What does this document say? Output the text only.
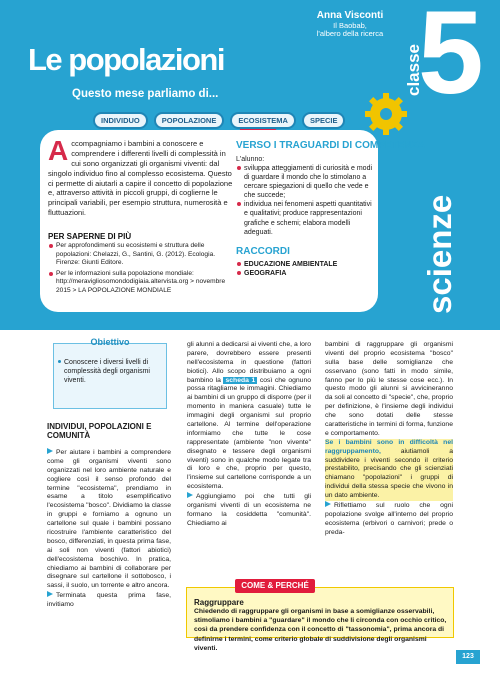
Anna Visconti
Il Baobab,
l'albero della ricerca
Le popolazioni
Questo mese parliamo di... 5
classe
scienze
INDIVIDUO	POPOLAZIONE	ECOSISTEMA	SPECIE
Accompagniamo i bambini a conoscere e comprendere i differenti livelli di complessità in cui sono organizzati gli organismi viventi: dal singolo individuo fino al complesso ecosistema. Questo ci permette di aiutarli a capire il concetto di popolazione e, attraverso attività in piccoli gruppi, di coglierne le principali variabili, per esempio struttura, numerosità e fluttuazioni.
PER SAPERNE DI PIÙ
Per approfondimenti su ecosistemi e struttura delle popolazioni: Chelazzi, G., Santini, G. (2012). Ecologia. Firenze: Giunti Editore.
Per le informazioni sulla popolazione mondiale: http://meravigliosomondodigiaia.altervista.org > novembre 2015 > LA POPOLAZIONE MONDIALE
VERSO I TRAGUARDI DI COMPETENZA
L'alunno:
sviluppa atteggiamenti di curiosità e modi di guardare il mondo che lo stimolano a cercare spiegazioni di quello che vede e che succede;
individua nei fenomeni aspetti quantitativi e qualitativi; produce rappresentazioni grafiche e schemi; elabora modelli adeguati.
RACCORDI
EDUCAZIONE AMBIENTALE
GEOGRAFIA
Obiettivo
Conoscere i diversi livelli di complessità degli organismi viventi.
INDIVIDUI, POPOLAZIONI E COMUNITÀ

Per aiutare i bambini a comprendere come gli organismi viventi sono organizzati nel loro ambiente naturale e cogliere così il senso profondo del termine "ecosistema", prendiamo in esame a titolo esemplificativo l'ecosistema "bosco". Dividiamo la classe in gruppi e forniamo a ognuno un cartellone sul quale i bambini possano ricostruire l'ambiente caratteristico del bosco, differenziati, in questa prima fase, ai soli non viventi (fattori abiotici) dell'ecosistema boschivo. In pratica, chiediamo ai bambini di collaborare per disegnare sul cartellone il sottobosco, i sassi, il suolo, un torrente e altro ancora.

Terminata questa prima fase, invitiamo

gli alunni a dedicarsi ai viventi che, a loro parere, dovrebbero essere presenti nell'ecosistema in questione (fattori biotici). Allo scopo distribuiamo a ogni bambino la scheda 1 così che ognuno possa ritagliarne le immagini. Chiediamo ai bambini di un gruppo di disporre (per il momento in maniera casuale) tutte le immagini degli organismi sul proprio cartellone. Al termine dell'operazione informiamo che tutte le cose rappresentate (ambiente "non vivente" disegnato e tessere degli organismi viventi) sono in qualche modo legate tra di loro e che, proprio per questo, l'insieme sul cartellone corrisponde a un ecosistema.

Aggiungiamo poi che tutti gli organismi viventi di un ecosistema ne formano la cosiddetta "comunità". Chiediamo ai

bambini di raggruppare gli organismi viventi del proprio ecosistema "bosco" sulla base delle somiglianze che osservano (sono fatti in modo simile, fanno per lo più le stesse cose ecc.). In questo modo gli alunni si avvicineranno da soli al concetto di "specie", che, proprio per definizione, è l'insieme degli individui che sono dotati delle stesse caratteristiche in termini di forma, funzione e comportamento.

Se i bambini sono in difficoltà nel raggruppamento,	aiutiamoli a suddividere i viventi secondo il criterio prestabilito, precisando che gli scienziati chiamano "popolazioni" i gruppi di individui della stessa specie che vivono in un dato ambiente.

Riflettiamo sul ruolo che ogni popolazione svolge all'interno del proprio ecosistema (erbivori o carnivori; prede o preda-

COME & PERCHÉ
Raggruppare
Chiedendo di raggruppare gli organismi in base a somiglianze osservabili, stimoliamo i bambini a "guardare" il mondo che li circonda con occhio critico, così da prendere confidenza con il concetto di "tassonomia", prima ancora di definirne i termini, come criterio globale di suddivisione degli organismi viventi.
123
